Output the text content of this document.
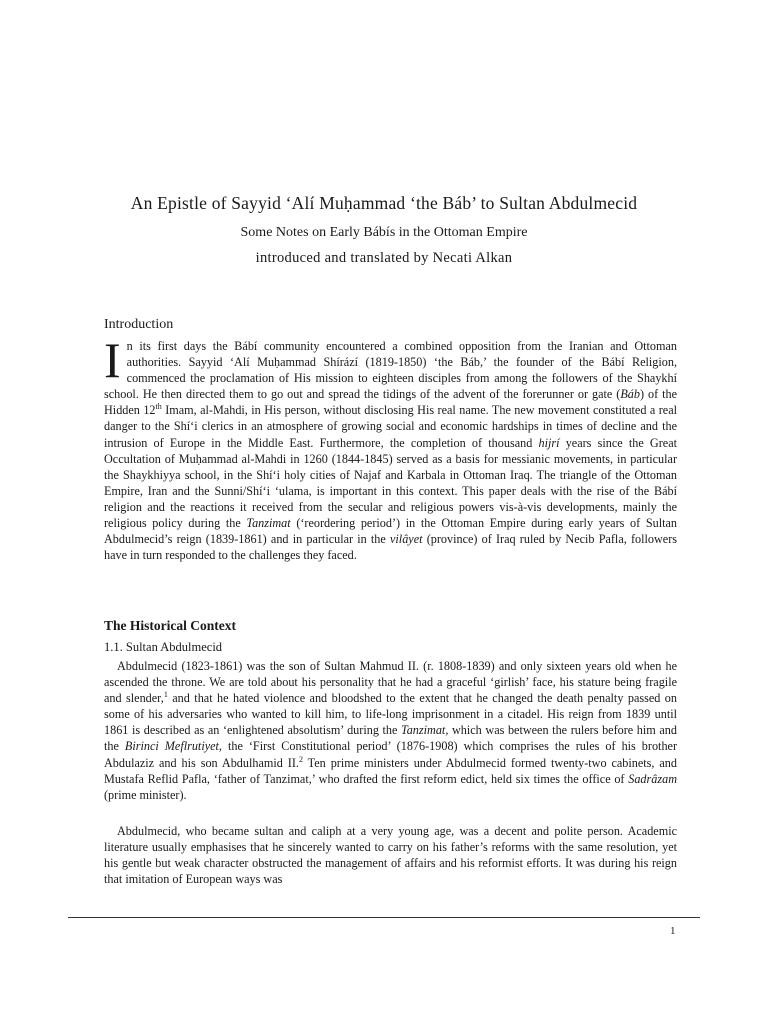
An Epistle of Sayyid ‘Alí Muḥammad ‘the Báb’ to Sultan Abdulmecid
Some Notes on Early Bábís in the Ottoman Empire
introduced and translated by Necati Alkan
Introduction

In its first days the Bábí community encountered a combined opposition from the Iranian and Ottoman authorities. Sayyid ‘Alí Muḥammad Shírází (1819-1850) ‘the Báb,’ the founder of the Bábí Religion, commenced the proclamation of His mission to eighteen disciples from among the followers of the Shaykhí school. He then directed them to go out and spread the tidings of the advent of the forerunner or gate (Báb) of the Hidden 12th Imam, al-Mahdi, in His person, without disclosing His real name. The new movement constituted a real danger to the Shí‘i clerics in an atmosphere of growing social and economic hardships in times of decline and the intrusion of Europe in the Middle East. Furthermore, the completion of thousand hijrí years since the Great Occultation of Muḥammad al-Mahdi in 1260 (1844-1845) served as a basis for messianic movements, in particular the Shaykhiyya school, in the Shí‘i holy cities of Najaf and Karbala in Ottoman Iraq. The triangle of the Ottoman Empire, Iran and the Sunni/Shí‘i ‘ulama, is important in this context. This paper deals with the rise of the Bábí religion and the reactions it received from the secular and religious powers vis-à-vis developments, mainly the religious policy during the Tanzimat (‘reordering period’) in the Ottoman Empire during early years of Sultan Abdulmecid’s reign (1839-1861) and in particular in the vilâyet (province) of Iraq ruled by Necib Pafla, followers have in turn responded to the challenges they faced.

The Historical Context
1.1. Sultan Abdulmecid

Abdulmecid (1823-1861) was the son of Sultan Mahmud II. (r. 1808-1839) and only sixteen years old when he ascended the throne. We are told about his personality that he had a graceful ‘girlish’ face, his stature being fragile and slender,$^1$ and that he hated violence and bloodshed to the extent that he changed the death penalty passed on some of his adversaries who wanted to kill him, to life-long imprisonment in a citadel. His reign from 1839 until 1861 is described as an ‘enlightened absolutism’ during the Tanzimat, which was between the rulers before him and the Birinci Meflrutiyet, the ‘First Constitutional period’ (1876-1908) which comprises the rules of his brother Abdulaziz and his son Abdulhamid II.$^2$ Ten prime ministers under Abdulmecid formed twenty-two cabinets, and Mustafa Reflid Pafla, ‘father of Tanzimat,’ who drafted the first reform edict, held six times the office of Sadrâzam (prime minister).

Abdulmecid, who became sultan and caliph at a very young age, was a decent and polite person. Academic literature usually emphasises that he sincerely wanted to carry on his father’s reforms with the same resolution, yet his gentle but weak character obstructed the management of affairs and his reformist efforts. It was during his reign that imitation of European ways was

1
